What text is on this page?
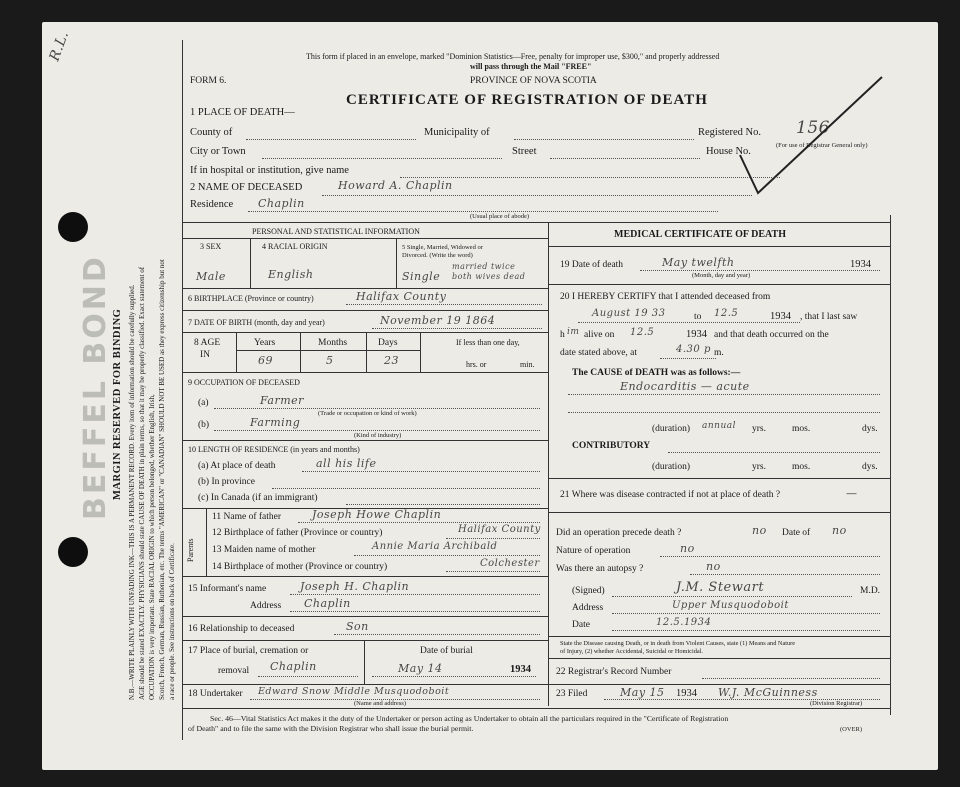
R.L.
MARGIN RESERVED FOR BINDING N.B.—WRITE PLAINLY WITH UNFADING INK—THIS IS A PERMANENT RECORD. Every item of information should be carefully supplied. AGE should be stated EXACTLY. PHYSICIANS should state CAUSE OF DEATH in plain terms, so that it may be properly classified. Exact statement of OCCUPATION is very important. State RACIAL ORIGIN to which person belonged, whether English, Irish, Scotch, French, German, Russian, Ruthenian, etc. The terms "AMERICAN" or "CANADIAN" SHOULD NOT BE USED as they express citizenship but not a race or people. See instructions on back of Certificate.
BEFFEL BOND
This form if placed in an envelope, marked "Dominion Statistics—Free, penalty for improper use, $300," and properly addressed
will pass through the Mail "FREE"
FORM 6.	PROVINCE OF NOVA SCOTIA
CERTIFICATE OF REGISTRATION OF DEATH
1 PLACE OF DEATH—
County of	Municipality of	Registered No. 156
City or Town	Street	House No.
(For use of Registrar General only)
If in hospital or institution, give name
2 NAME OF DECEASED	Howard A. Chaplin
Residence Chaplin
(Usual place of abode)
PERSONAL AND STATISTICAL INFORMATION
3 SEX	4 RACIAL ORIGIN	5 Single, Married, Widowed or
Divorced. (Write the word)
Male	English	Single
married twice
both wives dead
6 BIRTHPLACE (Province or country)	Halifax County
7 DATE OF BIRTH (month, day and year)	November 19 1864
8 AGE
IN
Years	Months	Days
69	5	23
If less than one day,
hrs. or	min.
9 OCCUPATION OF DECEASED
(a)	Farmer
(Trade or occupation or kind of work)
(b)	Farming
(Kind of industry)
10 LENGTH OF RESIDENCE (in years and months)
(a) At place of death	all his life
(b) In province
(c) In Canada (if an immigrant)
Parents
11 Name of father	Joseph Howe Chaplin
12 Birthplace of father (Province or country)	Halifax County
13 Maiden name of mother	Annie Maria Archibald
14 Birthplace of mother (Province or country)	Colchester
15 Informant's name	Joseph H. Chaplin
Address Chaplin
16 Relationship to deceased	Son
17 Place of burial, cremation or
removal Chaplin
Date of burial
May 14	1934
18 Undertaker Edward Snow Middle Musquodoboit
(Name and address)
MEDICAL CERTIFICATE OF DEATH
19 Date of death	May twelfth	1934
(Month, day and year)
20 I HEREBY CERTIFY that I attended deceased from
August 19 33	to 12.5	1934 , that I last saw
h im alive on 12.5	1934 and that death occurred on the
date stated above, at	4.30 p m.
The CAUSE of DEATH was as follows:—
Endocarditis — acute
(duration) annual yrs.	mos.	dys.
CONTRIBUTORY
(duration)	yrs.	mos.	dys.
21 Where was disease contracted if not at place of death ?	—
Did an operation precede death ?	no Date of no
Nature of operation	no
Was there an autopsy ?	no
(Signed)	J.M. Stewart	M.D.
Address	Upper Musquodoboit
Date	12.5.1934
State the Disease causing Death, or in death from Violent Causes, state (1) Means and Nature
of Injury, (2) whether Accidental, Suicidal or Homicidal.
22 Registrar's Record Number
23 Filed	May 15 1934 W.J. McGuinness
(Division Registrar)
Sec. 46—Vital Statistics Act makes it the duty of the Undertaker or person acting as Undertaker to obtain all the particulars required in the "Certificate of Registration
of Death" and to file the same with the Division Registrar who shall issue the burial permit.	(OVER)
